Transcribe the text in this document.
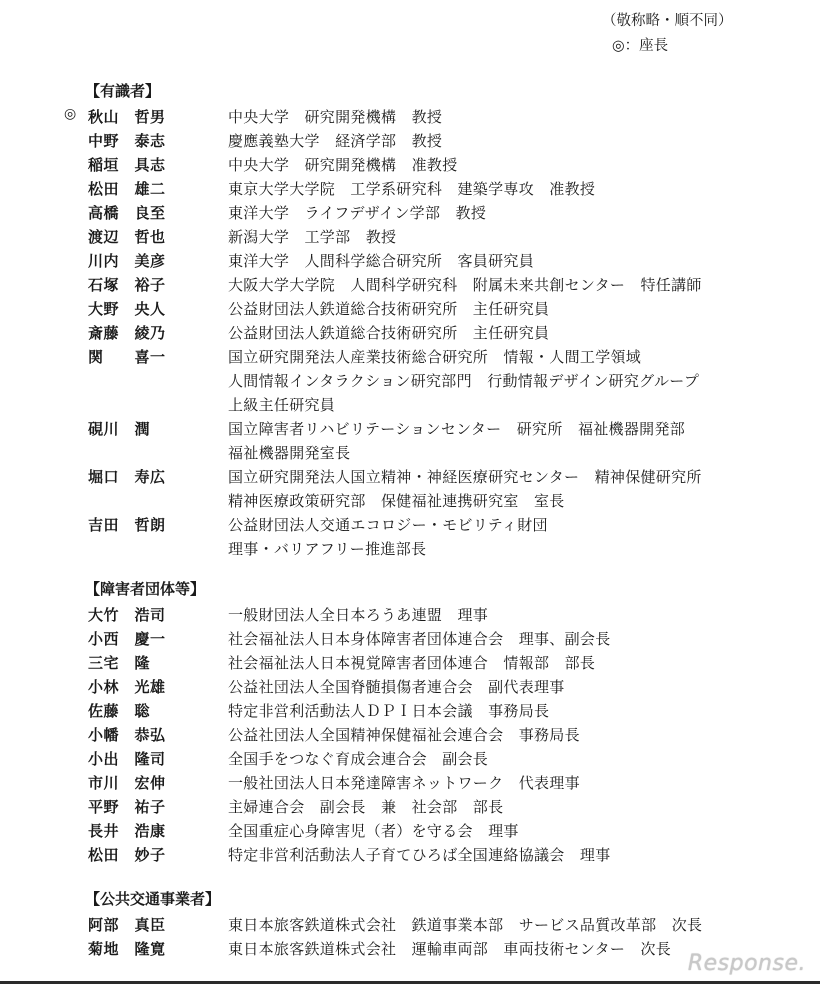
（敬称略・順不同）
◎：座長
【有識者】
◎ 秋山　哲男	中央大学　研究開発機構　教授
中野　泰志	慶應義塾大学　経済学部　教授
稲垣　具志	中央大学　研究開発機構　准教授
松田　雄二	東京大学大学院　工学系研究科　建築学専攻　准教授
高橋　良至	東洋大学　ライフデザイン学部　教授
渡辺　哲也	新潟大学　工学部　教授
川内　美彦	東洋大学　人間科学総合研究所　客員研究員
石塚　裕子	大阪大学大学院　人間科学研究科　附属未来共創センター　特任講師
大野　央人	公益財団法人鉄道総合技術研究所　主任研究員
斎藤　綾乃	公益財団法人鉄道総合技術研究所　主任研究員
関　　喜一	国立研究開発法人産業技術総合研究所　情報・人間工学領域
人間情報インタラクション研究部門　行動情報デザイン研究グループ
上級主任研究員
硯川　潤	国立障害者リハビリテーションセンター　研究所　福祉機器開発部
福祉機器開発室長
堀口　寿広	国立研究開発法人国立精神・神経医療研究センター　精神保健研究所
精神医療政策研究部　保健福祉連携研究室　室長
吉田　哲朗	公益財団法人交通エコロジー・モビリティ財団
理事・バリアフリー推進部長
【障害者団体等】
大竹　浩司	一般財団法人全日本ろうあ連盟　理事
小西　慶一	社会福祉法人日本身体障害者団体連合会　理事、副会長
三宅　隆	社会福祉法人日本視覚障害者団体連合　情報部　部長
小林　光雄	公益社団法人全国脊髄損傷者連合会　副代表理事
佐藤　聡	特定非営利活動法人ＤＰＩ日本会議　事務局長
小幡　恭弘	公益社団法人全国精神保健福祉会連合会　事務局長
小出　隆司	全国手をつなぐ育成会連合会　副会長
市川　宏伸	一般社団法人日本発達障害ネットワーク　代表理事
平野　祐子	主婦連合会　副会長　兼　社会部　部長
長井　浩康	全国重症心身障害児（者）を守る会　理事
松田　妙子	特定非営利活動法人子育てひろば全国連絡協議会　理事
【公共交通事業者】
阿部　真臣	東日本旅客鉄道株式会社　鉄道事業本部　サービス品質改革部　次長
菊地　隆寛	東日本旅客鉄道株式会社　運輸車両部　車両技術センター　次長
Response.
